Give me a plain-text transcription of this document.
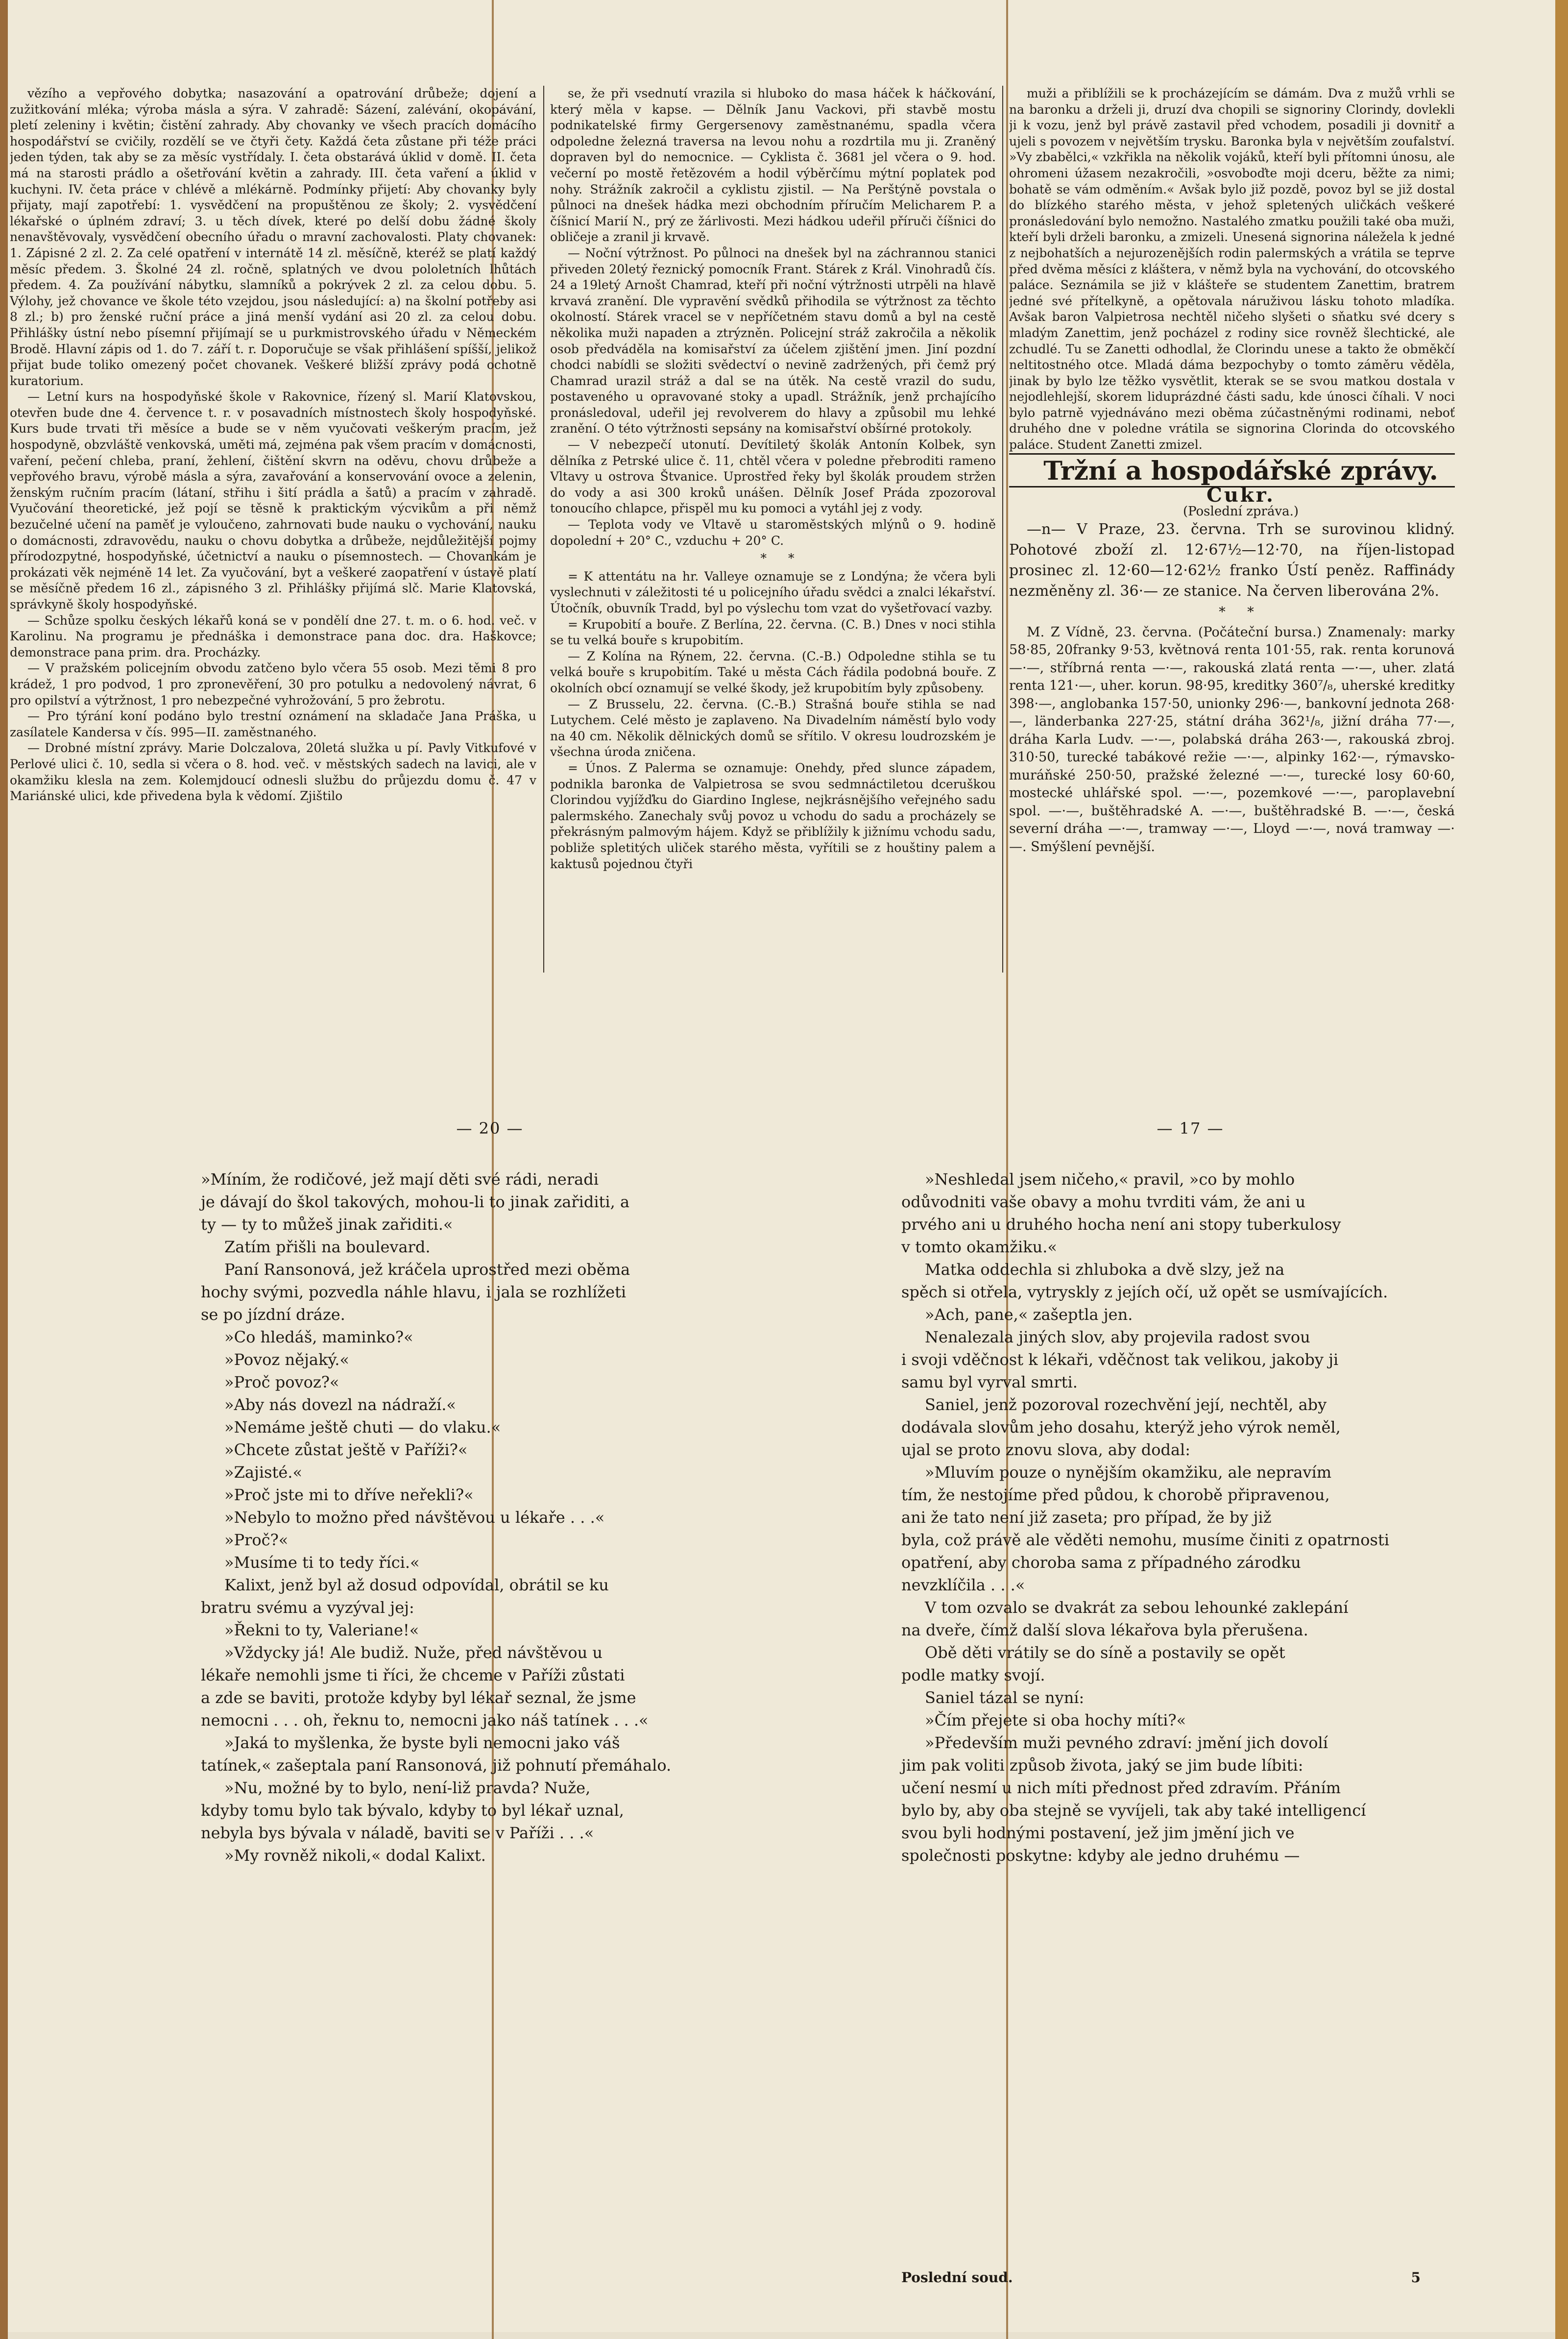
vězího a vepřového dobytka; nasazování a opatrování drůbeže; dojení a zužitkování mléka; výroba másla a sýra. V zahradě: Sázení, zalévání, okopávání, pletí zeleniny i květin; čistění zahrady. Aby chovanky ve všech pracích domácího hospodářství se cvičily, rozdělí se ve čtyři čety. Každá četa zůstane při téže práci jeden týden, tak aby se za měsíc vystřídaly. I. četa obstarává úklid v domě. II. četa má na starosti prádlo a ošetřování květin a zahrady. III. četa vaření a úklid v kuchyni. IV. četa práce v chlévě a mlékárně. Podmínky přijetí: Aby chovanky byly přijaty, mají zapotřebí: 1. vysvědčení na propuštěnou ze školy; 2. vysvědčení lékařské o úplném zdraví; 3. u těch dívek, které po delší dobu žádné školy nenavštěvovaly, vysvědčení obecního úřadu o mravní zachovalosti. Platy chovanek: 1. Zápisné 2 zl. 2. Za celé opatření v internátě 14 zl. měsíčně, kteréž se platí každý měsíc předem. 3. Školné 24 zl. ročně, splatných ve dvou pololetních lhůtách předem. 4. Za používání nábytku, slamníků a pokrývek 2 zl. za celou dobu. 5. Výlohy, jež chovance ve škole této vzejdou, jsou následující: a) na školní potřeby asi 8 zl.; b) pro ženské ruční práce a jiná menší vydání asi 20 zl. za celou dobu. Přihlášky ústní nebo písemní přijímají se u purkmistrovského úřadu v Německém Brodě. Hlavní zápis od 1. do 7. září t. r. Doporučuje se však přihlášení spíšší, jelikož přijat bude toliko omezený počet chovanek. Veškeré bližší zprávy podá ochotně kuratorium.

— Letní kurs na hospodyňské škole v Rakovnice, řízený sl. Marií Klatovskou, otevřen bude dne 4. července t. r. v posavadních místnostech školy hospodyňské. Kurs bude trvati tři měsíce a bude se v něm vyučovati veškerým pracím, jež hospodyně, obzvláště venkovská, uměti má, zejména pak všem pracím v domácnosti, vaření, pečení chleba, praní, žehlení, čištění skvrn na oděvu, chovu drůbeže a vepřového bravu, výrobě másla a sýra, zavařování a konservování ovoce a zelenin, ženským ručním pracím (látaní, střihu i šití prádla a šatů) a pracím v zahradě. Vyučování theoretické, jež pojí se těsně k praktickým výcvikům a při němž bezučelné učení na paměť je vyloučeno, zahrnovati bude nauku o vychování, nauku o domácnosti, zdravovědu, nauku o chovu dobytka a drůbeže, nejdůležitější pojmy přírodozpytné, hospodyňské, účetnictví a nauku o písemnostech. — Chovankám je prokázati věk nejméně 14 let. Za vyučování, byt a veškeré zaopatření v ústavě platí se měsíčně předem 16 zl., zápisného 3 zl. Přihlášky přijímá slč. Marie Klatovská, správkyně školy hospodyňské.

— Schůze spolku českých lékařů koná se v pondělí dne 27. t. m. o 6. hod. več. v Karolinu. Na programu je přednáška i demonstrace pana doc. dra. Haškovce; demonstrace pana prim. dra. Procházky.

— V pražském policejním obvodu zatčeno bylo včera 55 osob. Mezi těmi 8 pro krádež, 1 pro podvod, 1 pro zpronevěření, 30 pro potulku a nedovolený návrat, 6 pro opilství a výtržnost, 1 pro nebezpečné vyhrožování, 5 pro žebrotu.

— Pro týrání koní podáno bylo trestní oznámení na skladače Jana Práška, u zasílatele Kandersa v čís. 995—II. zaměstnaného.

— Drobné místní zprávy. Marie Dolczalova, 20letá služka u pí. Pavly Vitkufové v Perlové ulici č. 10, sedla si včera o 8. hod. več. v městských sadech na lavici, ale v okamžiku klesla na zem. Kolemjdoucí odnesli službu do průjezdu domu č. 47 v Mariánské ulici, kde přivedena byla k vědomí. Zjištilo

se, že při vsednutí vrazila si hluboko do masa háček k háčkování, který měla v kapse. — Dělník Janu Vackovi, při stavbě mostu podnikatelské firmy Gergersenovy zaměstnanému, spadla včera odpoledne železná traversa na levou nohu a rozdrtila mu ji. Zraněný dopraven byl do nemocnice. — Cyklista č. 3681 jel včera o 9. hod. večerní po mostě řetězovém a hodil výběrčímu mýtní poplatek pod nohy. Strážník zakročil a cyklistu zjistil. — Na Perštýně povstala o půlnoci na dnešek hádka mezi obchodním příručím Melicharem P. a číšnicí Marií N., prý ze žárlivosti. Mezi hádkou udeřil příruči číšnici do obličeje a zranil ji krvavě.

— Noční výtržnost. Po půlnoci na dnešek byl na záchrannou stanici přiveden 20letý řeznický pomocník Frant. Stárek z Král. Vinohradů čís. 24 a 19letý Arnošt Chamrad, kteří při noční výtržnosti utrpěli na hlavě krvavá zranění. Dle vypravění svědků přihodila se výtržnost za těchto okolností. Stárek vracel se v nepříčetném stavu domů a byl na cestě několika muži napaden a ztrýzněn. Policejní stráž zakročila a několik osob předváděla na komisařství za účelem zjištění jmen. Jiní pozdní chodci nabídli se složiti svědectví o nevině zadržených, při čemž prý Chamrad urazil stráž a dal se na útěk. Na cestě vrazil do sudu, postaveného u opravované stoky a upadl. Strážník, jenž prchajícího pronásledoval, udeřil jej revolverem do hlavy a způsobil mu lehké zranění. O této výtržnosti sepsány na komisařství obšírné protokoly.

— V nebezpečí utonutí. Devítiletý školák Antonín Kolbek, syn dělníka z Petrské ulice č. 11, chtěl včera v poledne přebroditi rameno Vltavy u ostrova Štvanice. Uprostřed řeky byl školák proudem stržen do vody a asi 300 kroků unášen. Dělník Josef Práda zpozoroval tonoucího chlapce, přispěl mu ku pomoci a vytáhl jej z vody.

— Teplota vody ve Vltavě u staroměstských mlýnů o 9. hodině dopolední + 20° C., vzduchu + 20° C.

* *

= K attentátu na hr. Valleye oznamuje se z Londýna; že včera byli vyslechnuti v záležitosti té u policejního úřadu svědci a znalci lékařství. Útočník, obuvník Tradd, byl po výslechu tom vzat do vyšetřovací vazby.

= Krupobití a bouře. Z Berlína, 22. června. (C. B.) Dnes v noci stihla se tu velká bouře s krupobitím.

— Z Kolína na Rýnem, 22. června. (C.-B.) Odpoledne stihla se tu velká bouře s krupobitím. Také u města Cách řádila podobná bouře. Z okolních obcí oznamují se velké škody, jež krupobitím byly způsobeny.

— Z Brusselu, 22. června. (C.-B.) Strašná bouře stihla se nad Lutychem. Celé město je zaplaveno. Na Divadelním náměstí bylo vody na 40 cm. Několik dělnických domů se sřítilo. V okresu loudrozském je všechna úroda zničena.

= Únos. Z Palerma se oznamuje: Onehdy, před slunce západem, podnikla baronka de Valpietrosa se svou sedmnáctiletou dceruškou Clorindou vyjížďku do Giardino Inglese, nejkrásnějšího veřejného sadu palermského. Zanechaly svůj povoz u vchodu do sadu a procházely se překrásným palmovým hájem. Když se přiblížily k jižnímu vchodu sadu, pobliže spletitých uliček starého města, vyřítili se z houštiny palem a kaktusů pojednou čtyři

muži a přiblížili se k procházejícím se dámám. Dva z mužů vrhli se na baronku a drželi ji, druzí dva chopili se signoriny Clorindy, dovlekli ji k vozu, jenž byl právě zastavil před vchodem, posadili ji dovnitř a ujeli s povozem v největším trysku. Baronka byla v největším zoufalství. »Vy zbabělci,« vzkřikla na několik vojáků, kteří byli přítomni únosu, ale ohromeni úžasem nezakročili, »osvoboďte moji dceru, běžte za nimi; bohatě se vám odměním.« Avšak bylo již pozdě, povoz byl se již dostal do blízkého starého města, v jehož spletených uličkách veškeré pronásledování bylo nemožno. Nastalého zmatku použili také oba muži, kteří byli drželi baronku, a zmizeli. Unesená signorina náležela k jedné z nejbohatších a nejurozenějších rodin palermských a vrátila se teprve před dvěma měsíci z kláštera, v němž byla na vychování, do otcovského paláce. Seznámila se již v klášteře se studentem Zanettim, bratrem jedné své přítelkyně, a opětovala náruživou lásku tohoto mladíka. Avšak baron Valpietrosa nechtěl ničeho slyšeti o sňatku své dcery s mladým Zanettim, jenž pocházel z rodiny sice rovněž šlechtické, ale zchudlé. Tu se Zanetti odhodlal, že Clorindu unese a takto že obměkčí neltitostného otce. Mladá dáma bezpochyby o tomto záměru věděla, jinak by bylo lze těžko vysvětlit, kterak se se svou matkou dostala v nejodlehlejší, skorem liduprázdné části sadu, kde únosci číhali. V noci bylo patrně vyjednáváno mezi oběma zúčastněnými rodinami, neboť druhého dne v poledne vrátila se signorina Clorinda do otcovského paláce. Student Zanetti zmizel.

Tržní a hospodářské zprávy.

Cukr.

(Poslední zpráva.)

—n— V Praze, 23. června. Trh se surovinou klidný. Pohotové zboží zl. 12·67½—12·70, na říjen-listopad prosinec zl. 12·60—12·62½ franko Ústí peněz. Raffinády nezměněny zl. 36·— ze stanice. Na červen liberována 2%.

* *

M. Z Vídně, 23. června. (Počáteční bursa.) Znamenaly: marky 58·85, 20franky 9·53, květnová renta 101·55, rak. renta korunová —·—, stříbrná renta —·—, rakouská zlatá renta —·—, uher. zlatá renta 121·—, uher. korun. 98·95, kreditky 360⁷/₈, uherské kreditky 398·—, anglobanka 157·50, unionky 296·—, bankovní jednota 268·—, länderbanka 227·25, státní dráha 362¹/₈, jižní dráha 77·—, dráha Karla Ludv. —·—, polabská dráha 263·—, rakouská zbroj. 310·50, turecké tabákové režie —·—, alpinky 162·—, rýmavsko-muráňské 250·50, pražské železné —·—, turecké losy 60·60, mostecké uhlářské spol. —·—, pozemkové —·—, paroplavební spol. —·—, buštěhradské A. —·—, buštěhradské B. —·—, česká severní dráha —·—, tramway —·—, Lloyd —·—, nová tramway —·—. Smýšlení pevnější.

— 20 —
»Míním, že rodičové, jež mají děti své rádi, neradi
je dávají do škol takových, mohou-li to jinak zařiditi, a
ty — ty to můžeš jinak zařiditi.«
Zatím přišli na boulevard.
Paní Ransonová, jež kráčela uprostřed mezi oběma
hochy svými, pozvedla náhle hlavu, i jala se rozhlížeti
se po jízdní dráze.
»Co hledáš, maminko?«
»Povoz nějaký.«
»Proč povoz?«
»Aby nás dovezl na nádraží.«
»Nemáme ještě chuti — do vlaku.«
»Chcete zůstat ještě v Paříži?«
»Zajisté.«
»Proč jste mi to dříve neřekli?«
»Nebylo to možno před návštěvou u lékaře . . .«
»Proč?«
»Musíme ti to tedy říci.«
Kalixt, jenž byl až dosud odpovídal, obrátil se ku
bratru svému a vyzýval jej:
»Řekni to ty, Valeriane!«
»Vždycky já! Ale budiž. Nuže, před návštěvou u
lékaře nemohli jsme ti říci, že chceme v Paříži zůstati
a zde se baviti, protože kdyby byl lékař seznal, že jsme
nemocni . . . oh, řeknu to, nemocni jako náš tatínek . . .«
»Jaká to myšlenka, že byste byli nemocni jako váš
tatínek,« zašeptala paní Ransonová, již pohnutí přemáhalo.
»Nu, možné by to bylo, není-liž pravda? Nuže,
kdyby tomu bylo tak bývalo, kdyby to byl lékař uznal,
nebyla bys bývala v náladě, baviti se v Paříži . . .«
»My rovněž nikoli,« dodal Kalixt.
— 17 —
»Neshledal jsem ničeho,« pravil, »co by mohlo
odůvodniti vaše obavy a mohu tvrditi vám, že ani u
prvého ani u druhého hocha není ani stopy tuberkulosy
v tomto okamžiku.«
Matka oddechla si zhluboka a dvě slzy, jež na
spěch si otřela, vytryskly z jejích očí, už opět se usmívajících.
»Ach, pane,« zašeptla jen.
Nenalezala jiných slov, aby projevila radost svou
i svoji vděčnost k lékaři, vděčnost tak velikou, jakoby ji
samu byl vyrval smrti.
Saniel, jenž pozoroval rozechvění její, nechtěl, aby
dodávala slovům jeho dosahu, kterýž jeho výrok neměl,
ujal se proto znovu slova, aby dodal:
»Mluvím pouze o nynějším okamžiku, ale nepravím
tím, že nestojíme před půdou, k chorobě připravenou,
ani že tato není již zaseta; pro případ, že by již
byla, což právě ale věděti nemohu, musíme činiti z opatrnosti
opatření, aby choroba sama z případného zárodku
nevzklíčila . . .«
V tom ozvalo se dvakrát za sebou lehounké zaklepání
na dveře, čímž další slova lékařova byla přerušena.
Obě děti vrátily se do síně a postavily se opět
podle matky svojí.
Saniel tázal se nyní:
»Čím přejete si oba hochy míti?«
»Především muži pevného zdraví: jmění jich dovolí
jim pak voliti způsob života, jaký se jim bude líbiti:
učení nesmí u nich míti přednost před zdravím. Přáním
bylo by, aby oba stejně se vyvíjeli, tak aby také intelligencí
svou byli hodnými postavení, jež jim jmění jich ve
společnosti poskytne: kdyby ale jedno druhému —
Poslední soud.	5
